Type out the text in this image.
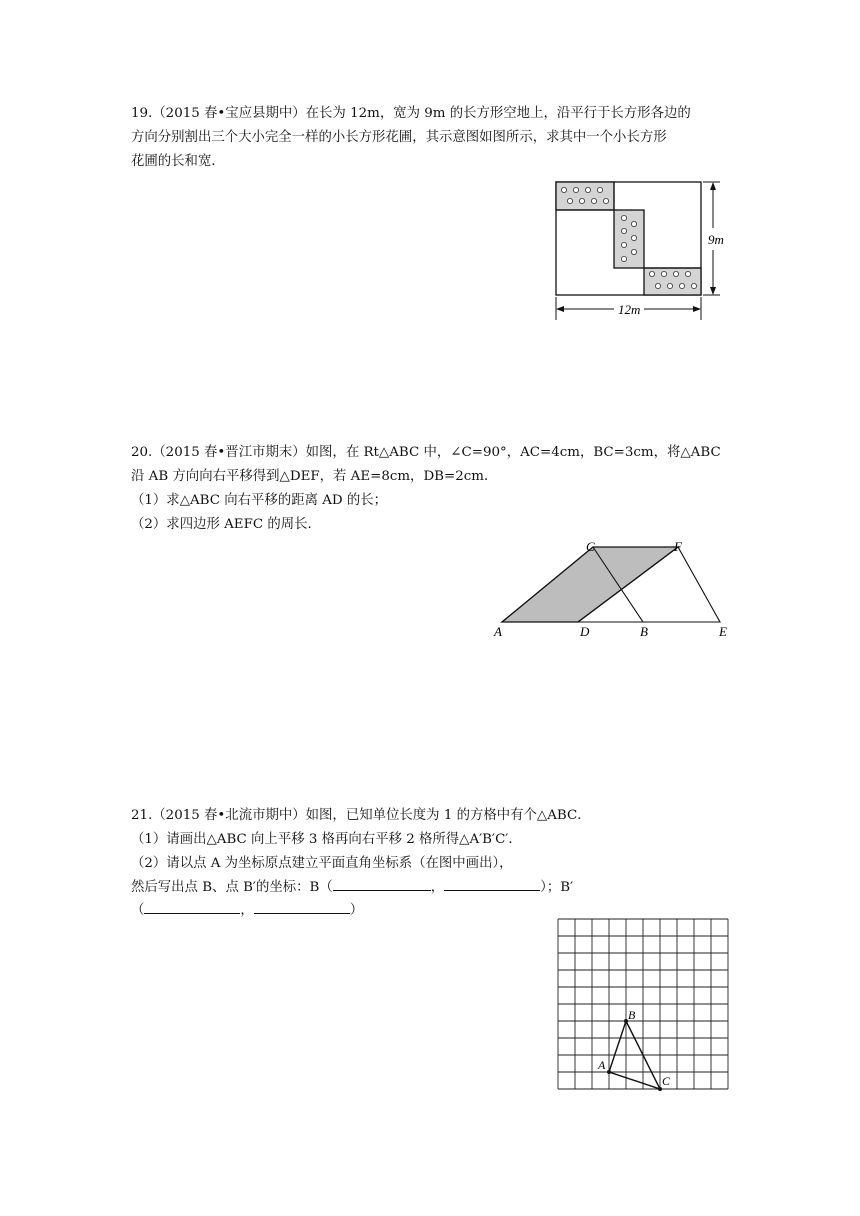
19.（2015 春•宝应县期中）在长为 12m，宽为 9m 的长方形空地上，沿平行于长方形各边的
方向分别割出三个大小完全一样的小长方形花圃，其示意图如图所示，求其中一个小长方形
花圃的长和宽．
9m
12m
20.（2015 春•晋江市期末）如图，在 Rt△ABC 中，∠C=90°，AC=4cm，BC=3cm，将△ABC
沿 AB 方向向右平移得到△DEF，若 AE=8cm，DB=2cm．
（1）求△ABC 向右平移的距离 AD 的长；
（2）求四边形 AEFC 的周长．
C	F
A	D	B	E
21.（2015 春•北流市期中）如图，已知单位长度为 1 的方格中有个△ABC．
（1）请画出△ABC 向上平移 3 格再向右平移 2 格所得△A′B′C′．
（2）请以点 A 为坐标原点建立平面直角坐标系（在图中画出），
然后写出点 B、点 B′的坐标：B（	，	）；B′
（	，	）
A
B
C
